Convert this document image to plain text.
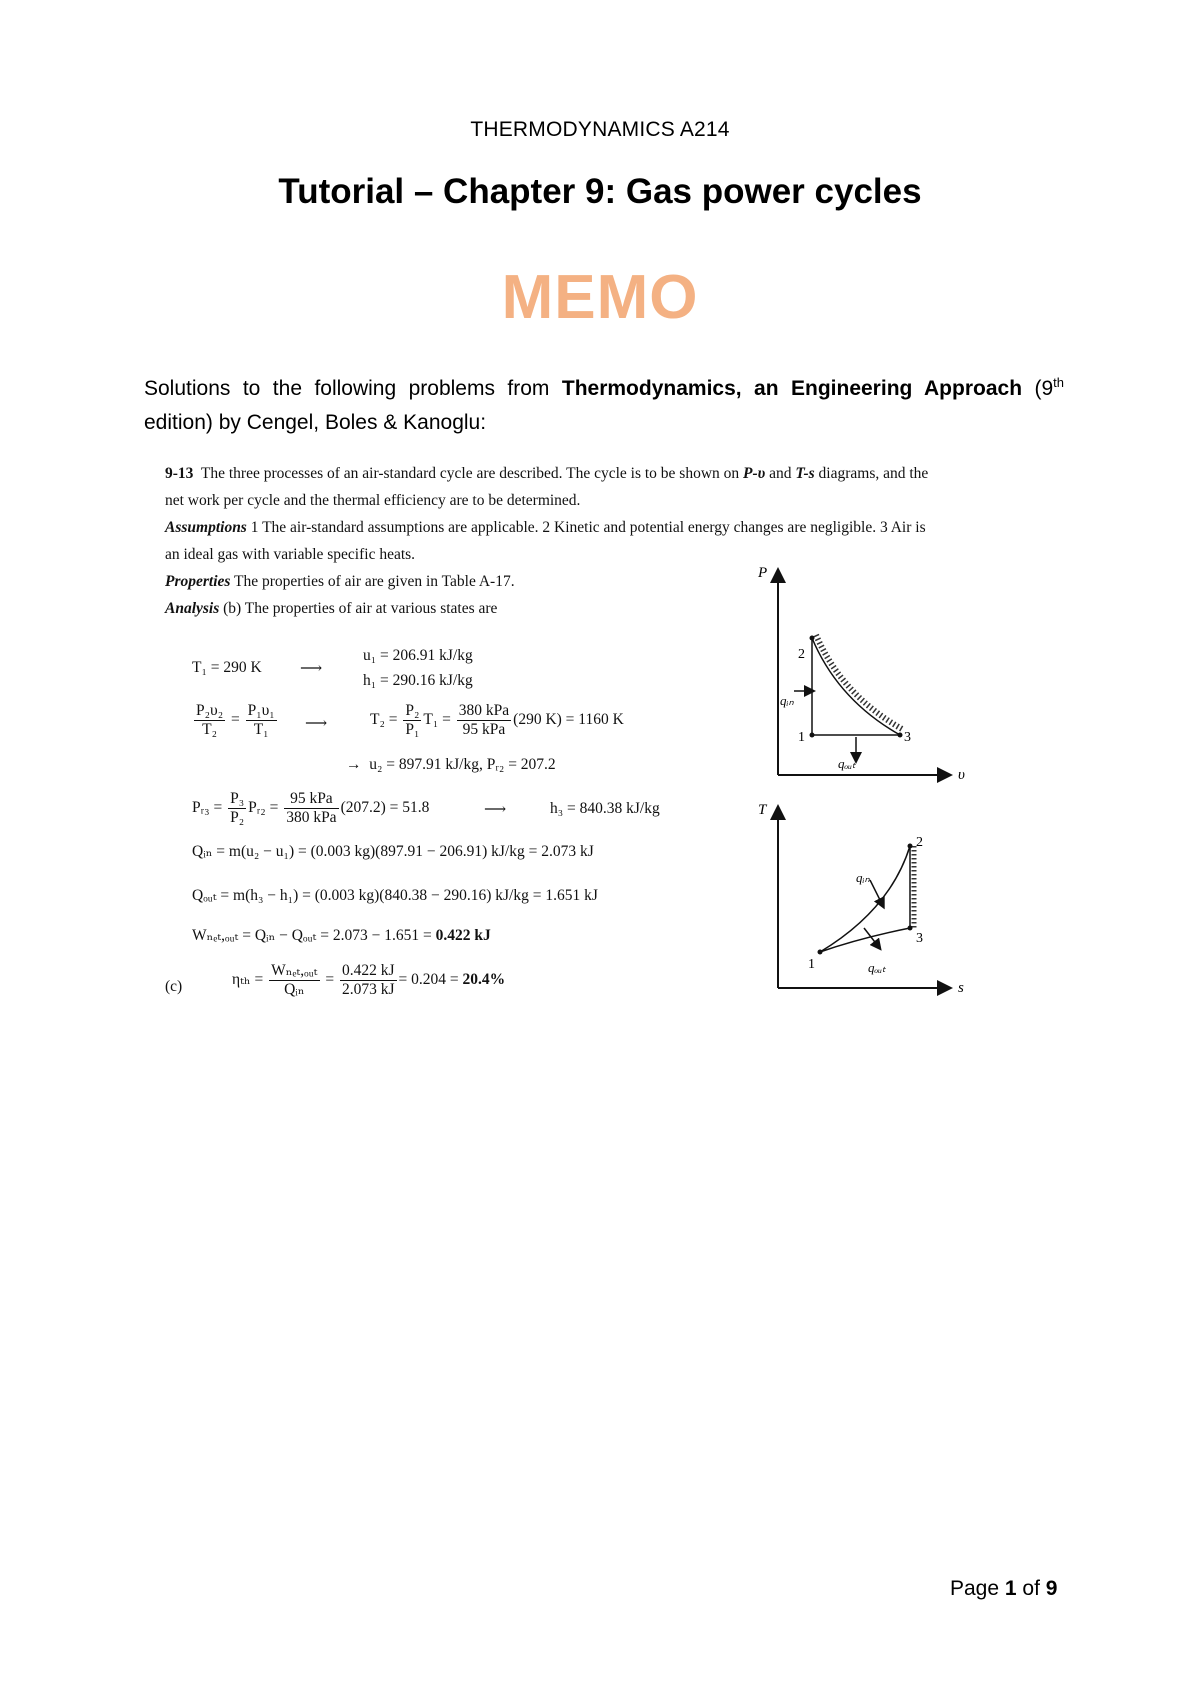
THERMODYNAMICS A214
Tutorial – Chapter 9: Gas power cycles
MEMO
Solutions to the following problems from Thermodynamics, an Engineering Approach (9th edition) by Cengel, Boles & Kanoglu:
9-13 The three processes of an air-standard cycle are described. The cycle is to be shown on P-υ and T-s diagrams, and the
net work per cycle and the thermal efficiency are to be determined.
Assumptions 1 The air-standard assumptions are applicable. 2 Kinetic and potential energy changes are negligible. 3 Air is
an ideal gas with variable specific heats.
Properties The properties of air are given in Table A-17.
Analysis (b) The properties of air at various states are
T₁ = 290 K ⟶
u₁ = 206.91 kJ/kg
h₁ = 290.16 kJ/kg
$\frac{\text{P₂υ₂}}{\text{T₂}} = \frac{\text{P₁υ₁}}{\text{T₁}}$ ⟶	$T_2 = \frac{\text{P₂}}{\text{P₁}} T_1 = \frac{\text{380 kPa}}{\text{95 kPa}} (290$ K) = 1160 K
→  u₂ = 897.91 kJ/kg, Pᵣ₂ = 207.2
Pᵣ₃ = $\frac{\text{P₃}}{\text{P₂}}$ Pᵣ₂ = $\frac{\text{95 kPa}}{\text{380 kPa}} (207.2) = 51.8$	⟶	h₃ = 840.38 kJ/kg
Qᵢₙ = m(u₂ − u₁) = (0.003 kg)(897.91 − 206.91) kJ/kg = 2.073 kJ
Qₒᵤₜ = m(h₃ − h₁) = (0.003 kg)(840.38 − 290.16) kJ/kg = 1.651 kJ
Wₙₑₜ,ₒᵤₜ = Qᵢₙ − Qₒᵤₜ = 2.073 − 1.651 = 0.422 kJ
(c)	$\eta_{th} = \frac{\text{Wₙₑₜ,ₒᵤₜ}}{\text{Qᵢₙ}} = \frac{0.422 kJ}{2.073 kJ} = 0.204 = 20.4\%$
P
υ
2
1	3
qᵢₙ
qₒᵤₜ
T
s
1
2
3
qᵢₙ
qₒᵤₜ
Page 1 of 9
